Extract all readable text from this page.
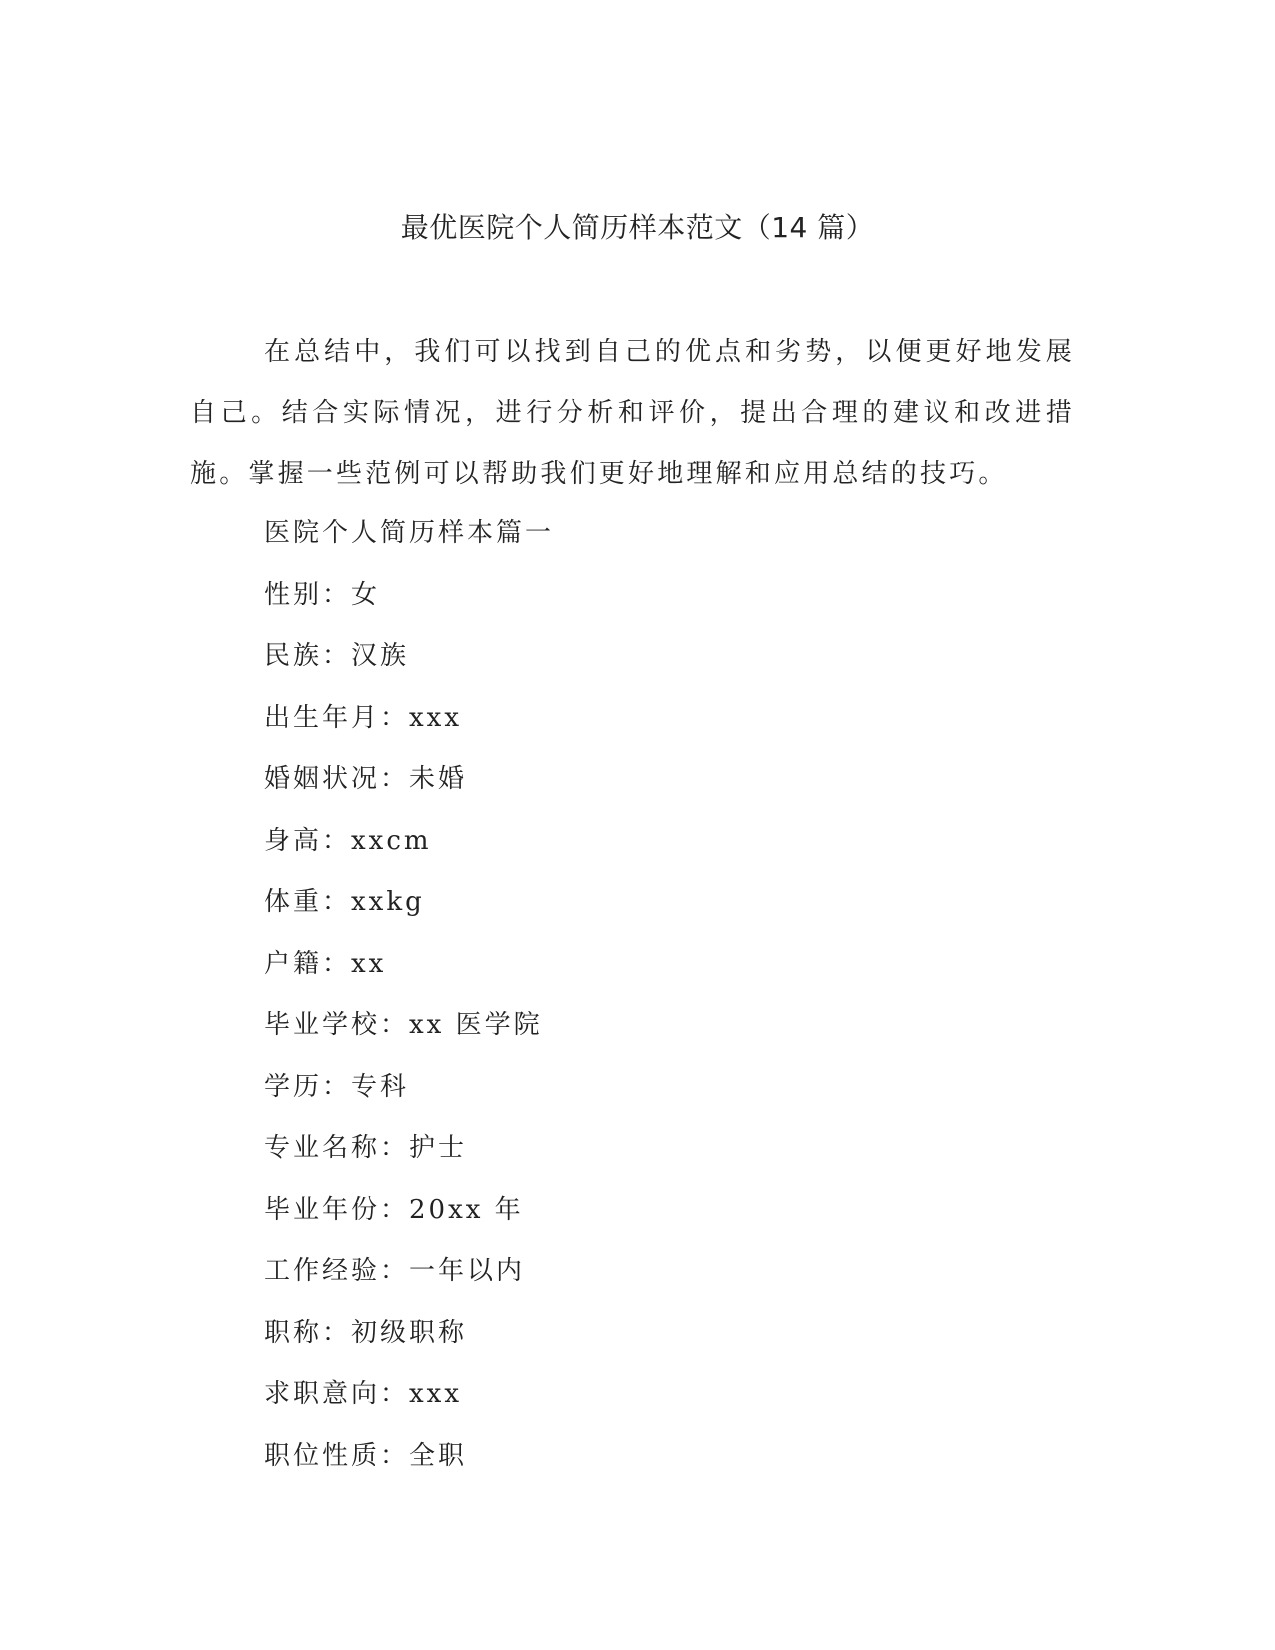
最优医院个人简历样本范文（14 篇）

在总结中，我们可以找到自己的优点和劣势，以便更好地发展自己。结合实际情况，进行分析和评价，提出合理的建议和改进措施。掌握一些范例可以帮助我们更好地理解和应用总结的技巧。

医院个人简历样本篇一
性别：女
民族：汉族
出生年月：xxx
婚姻状况：未婚
身高：xxcm
体重：xxkg
户籍：xx
毕业学校：xx 医学院
学历：专科
专业名称：护士
毕业年份：20xx 年
工作经验：一年以内
职称：初级职称
求职意向：xxx
职位性质：全职
